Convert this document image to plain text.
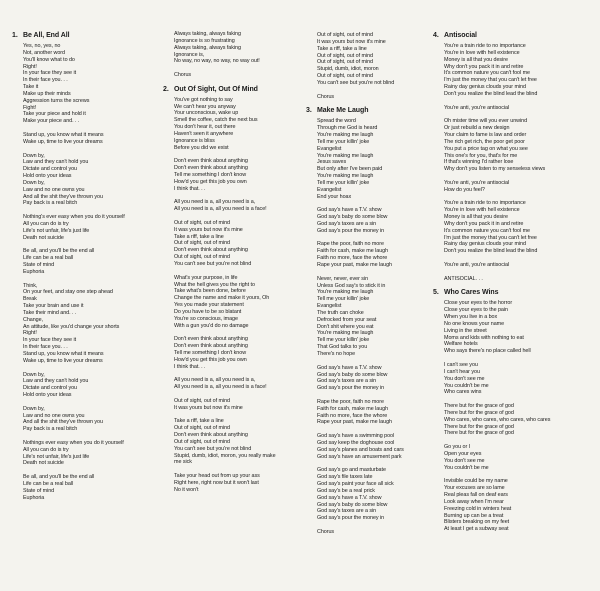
1. Be All, End All
Yes, no, yes, no
Not, another word
You'll know what to do
Right!
In your face they see it
In their face you. . .
Take it
Make up their minds
Aggression turns the screws
Fight!
Take your piece and hold it
Make your piece and. . .
Stand up, you know what it means
Wake up, time to live your dreams
Down by,
Law and they can't hold you
Dictate and control you
Hold onto your ideas
Down by,
Law and no one owns you
And all the shit they've thrown you
Pay back is a real bitch
Nothing's ever easy when you do it yourself
All you can do is try
Life's not unfair, life's just life
Death not suicide
Be all, and you'll be the end all
Life can be a real ball
State of mind
Euphoria
Think,
On your feet, and stay one step ahead
Break
Take your brain and use it
Take their mind and. . .
Change,
An attitude, like you'd change your shorts
Right!
In your face they see it
In their face you. . .
Stand up, you know what it means
Wake up, time to live your dreams
Down by,
Law and they can't hold you
Dictate and control you
Hold onto your ideas
Down by,
Law and no one owns you
And all the shit they've thrown you
Pay back is a real bitch
Nothings ever easy when you do it yourself
All you can do is try
Life's not unfair, life's just life
Death not suicide
Be all, and you'll be the end all
Life can be a real ball
State of mind
Euphoria
Always taking, always faking
Ignorance is so frustrating
Always taking, always faking
Ignorance is,
No way, no way, no way, no way out!
Chorus
2. Out Of Sight, Out Of Mind
You've got nothing to say
We can't hear you anyway
Your unconscious, wake up
Smell the coffee, catch the next bus
You don't hear it, out there
Haven't seen it anywhere
Ignorance is bliss
Before you did we exist
Don't even think about anything
Don't even think about anything
Tell me something I don't know
How'd you get this job you own
I think that. . .
All you need is a, all you need is a,
All you need is a, all you need is a face!
Out of sight, out of mind
It was yours but now it's mine
Take a riff, take a line
Out of sight, out of mind
Don't even think about anything
Out of sight, out of mind
You can't see but you're not blind
What's your purpose, in life
What the hell gives you the right to
Take what's been done, before
Change the name and make it yours, Oh
Yes you made your statement
Do you have to be so blatant
You're so conscious, image
With a gun you'd do no damage
Don't even think about anything
Don't even think about anything
Tell me something I don't know
How'd you get this job you own
I think that. . .
All you need is a, all you need is a,
All you need is a, all you need is a face!
Out of sight, out of mind
It was yours but now it's mine
Take a riff, take a line
Out of sight, out of mind
Don't even think about anything
Out of sight, out of mind
You can't see but you're not blind
Stupid, dumb, idiot, moron, you really make
me sick
Take your head out from up your ass
Right here, right now but it won't last
No it won't
Out of sight, out of mind
It was yours but now it's mine
Take a riff, take a line
Out of sight, out of mind
Out of sight, out of mind
Stupid, dumb, idiot, moron
Out of sight, out of mind
You can't see but you're not blind
Chorus
3. Make Me Laugh
Spread the word
Through me God is heard
You're making me laugh
Tell me your killin' joke
Evangelist
You're making me laugh
Jesus saves
But only after I've been paid
You're making me laugh
Tell me your killin' joke
Evangelist
End your hoax
God say's have a T.V. show
God say's baby do some blow
God say's taxes are a sin
God say's pour the money in
Rape the poor, faith no more
Faith for cash, make me laugh
Faith no more, face the whore
Rape your past, make me laugh
Never, never, ever sin
Unless God say's to stick it in
You're making me laugh
Tell me your killin' joke
Evangelist
The truth can choke
Defrocked from your seat
Don't shit where you eat
You're making me laugh
Tell me your killin' joke
That God talks to you
There's no hope
God say's have a T.V. show
God say's baby do some blow
God say's taxes are a sin
God say's pour the money in
Rape the poor, faith no more
Faith for cash, make me laugh
Faith no more, face the whore
Rape your past, make me laugh
God say's have a swimming pool
God say keep the doghouse cool
God say's planes and boats and cars
God say's have an amusement park
God say's go and masturbate
God say's file taxes late
God say's paint your face all sick
God say's be a real prick
God say's have a T.V. show
God say's baby do some blow
God say's taxes are a sin
God say's pour the money in
Chorus
4. Antisocial
You're a train ride to no importance
You're in love with hell existence
Money is all that you desire
Why don't you pack it in and retire
It's common nature you can't fool me
I'm just the money that you can't let free
Rainy day genius clouds your mind
Don't you realize the blind lead the blind
You're anti, you're antisocial
Oh mister time will you ever unwind
Or just rebuild a new design
Your claim to fame is law and order
The rich get rich, the poor get poor
You put a price tag on what you see
This one's for you, that's for me
If that's winning I'd rather lose
Why don't you listen to my senseless views
You're anti, you're antisocial
How do you feel?
You're a train ride to no importance
You're in love with hell existence
Money is all that you desire
Why don't you pack it in and retire
It's common nature you can't fool me
I'm just the money that you can't let free
Rainy day genius clouds your mind
Don't you realize the blind lead the blind
You're anti, you're antisocial
ANTISOCIAL. . .
5. Who Cares Wins
Close your eyes to the horror
Close your eyes to the pain
When you live in a box
No one knows your name
Living in the street
Moms and kids with nothing to eat
Welfare hotels
Who says there's no place called hell
I can't see you
I can't hear you
You don't see me
You couldn't be me
Who cares wins
There but for the grace of god
There but for the grace of god
Who cares, who cares, who cares, who cares
There but for the grace of god
There but for the grace of god
Go you or I
Open your eyes
You don't see me
You couldn't be me
Invisible could be my name
Your excuses are so lame
Real pleas fall on deaf ears
Look away when I'm near
Freezing cold in winters heat
Burning up can be a treat
Blisters breaking on my feet
At least I get a subway seat
